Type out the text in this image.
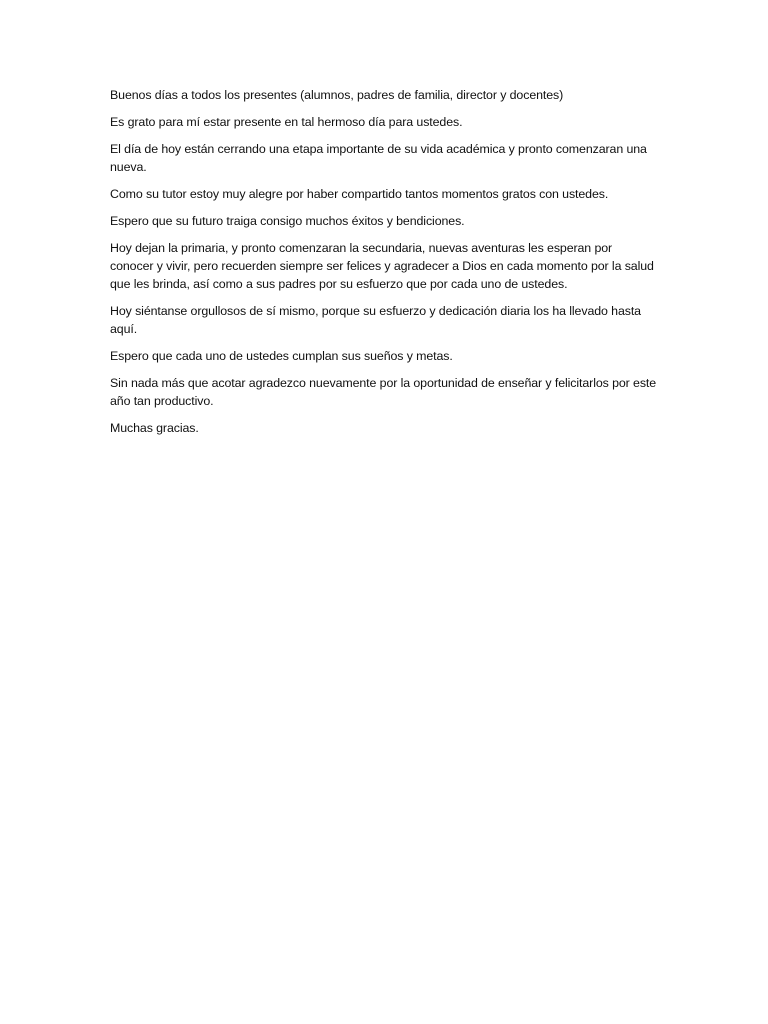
Buenos días a todos los presentes (alumnos, padres de familia, director y docentes)

Es grato para mí estar presente en tal hermoso día para ustedes.

El día de hoy están cerrando una etapa importante de su vida académica y pronto comenzaran una nueva.

Como su tutor estoy muy alegre por haber compartido tantos momentos gratos con ustedes.

Espero que su futuro traiga consigo muchos éxitos y bendiciones.

Hoy dejan la primaria, y pronto comenzaran la secundaria, nuevas aventuras les esperan por conocer y vivir, pero recuerden siempre ser felices y agradecer a Dios en cada momento por la salud que les brinda, así como a sus padres por su esfuerzo que por cada uno de ustedes.

Hoy siéntanse orgullosos de sí mismo, porque su esfuerzo y dedicación diaria los ha llevado hasta aquí.

Espero que cada uno de ustedes cumplan sus sueños y metas.

Sin nada más que acotar agradezco nuevamente por la oportunidad de enseñar y felicitarlos por este año tan productivo.

Muchas gracias.
